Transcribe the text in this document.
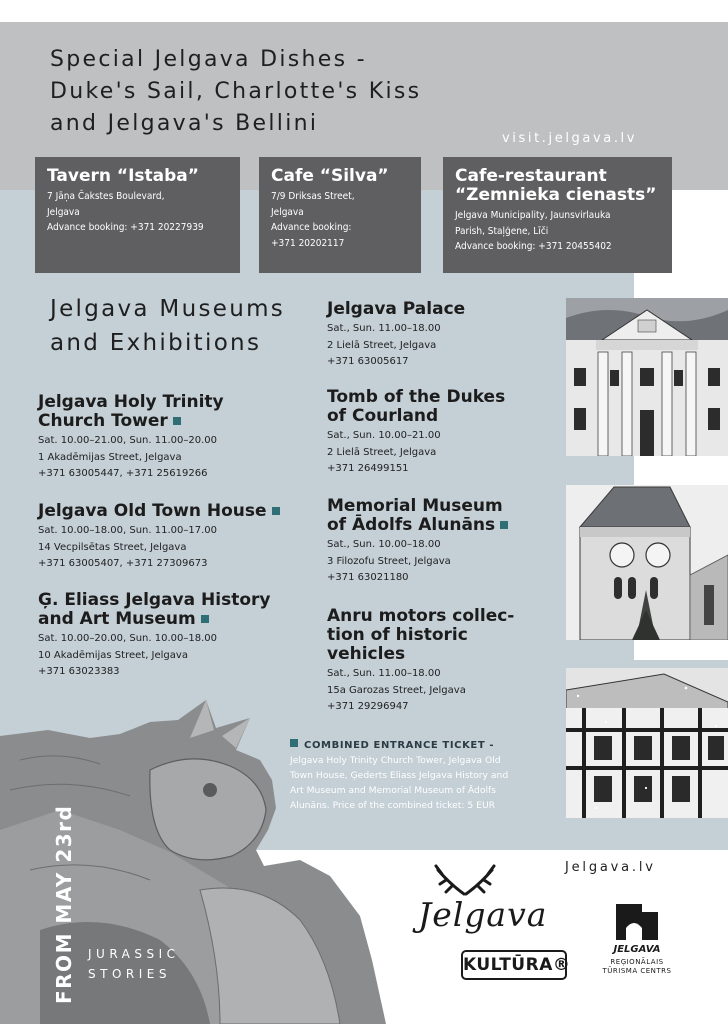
Special Jelgava Dishes -
Duke's Sail, Charlotte's Kiss
and Jelgava's Bellini
visit.jelgava.lv
Tavern “Istaba”
7 Jāņa Čakstes Boulevard,
Jelgava
Advance booking: +371 20227939
Cafe “Silva”
7/9 Driksas Street,
Jelgava
Advance booking:
+371 20202117
Cafe-restaurant
“Zemnieka cienasts”
Jelgava Municipality, Jaunsvirlauka
Parish, Staļģene, Līči
Advance booking: +371 20455402
Jelgava Museums
and Exhibitions
Jelgava Holy Trinity
Church Tower
Sat. 10.00–21.00, Sun. 11.00–20.00
1 Akadēmijas Street, Jelgava
+371 63005447, +371 25619266
Jelgava Old Town House
Sat. 10.00–18.00, Sun. 11.00–17.00
14 Vecpilsētas Street, Jelgava
+371 63005407, +371 27309673
Ģ. Eliass Jelgava History
and Art Museum
Sat. 10.00–20.00, Sun. 10.00–18.00
10 Akadēmijas Street, Jelgava
+371 63023383
Jelgava Palace
Sat., Sun. 11.00–18.00
2 Lielā Street, Jelgava
+371 63005617
Tomb of the Dukes
of Courland
Sat., Sun. 10.00–21.00
2 Lielā Street, Jelgava
+371 26499151
Memorial Museum
of Ādolfs Alunāns
Sat., Sun. 10.00–18.00
3 Filozofu Street, Jelgava
+371 63021180
Anru motors collec-
tion of historic
vehicles
Sat., Sun. 11.00–18.00
15a Garozas Street, Jelgava
+371 29296947
COMBINED ENTRANCE TICKET -
Jelgava Holy Trinity Church Tower, Jelgava Old
Town House, Ģederts Eliass Jelgava History and
Art Museum and Memorial Museum of Ādolfs
Alunāns. Price of the combined ticket: 5 EUR
FROM MAY 23rd JURASSIC
STORIES
Jelgava.lv
Jelgava
KULTŪRA®
JELGAVA
REĢIONĀLAIS
TŪRISMA CENTRS
